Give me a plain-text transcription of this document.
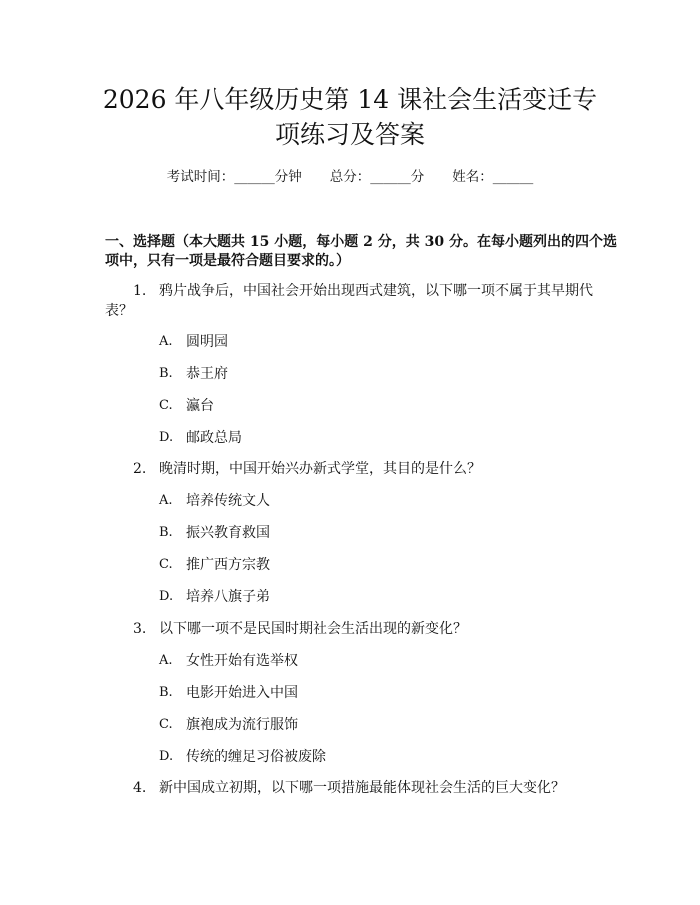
2026 年八年级历史第 14 课社会生活变迁专
项练习及答案
考试时间：______分钟 总分：______分 姓名：______
一、选择题（本大题共 15 小题，每小题 2 分，共 30 分。在每小题列出的四个选
项中，只有一项是最符合题目要求的。）
1. 鸦片战争后，中国社会开始出现西式建筑，以下哪一项不属于其早期代
表？
A. 圆明园
B. 恭王府
C. 瀛台
D. 邮政总局
2. 晚清时期，中国开始兴办新式学堂，其目的是什么？
A. 培养传统文人
B. 振兴教育救国
C. 推广西方宗教
D. 培养八旗子弟
3. 以下哪一项不是民国时期社会生活出现的新变化？
A. 女性开始有选举权
B. 电影开始进入中国
C. 旗袍成为流行服饰
D. 传统的缠足习俗被废除
4. 新中国成立初期，以下哪一项措施最能体现社会生活的巨大变化？
